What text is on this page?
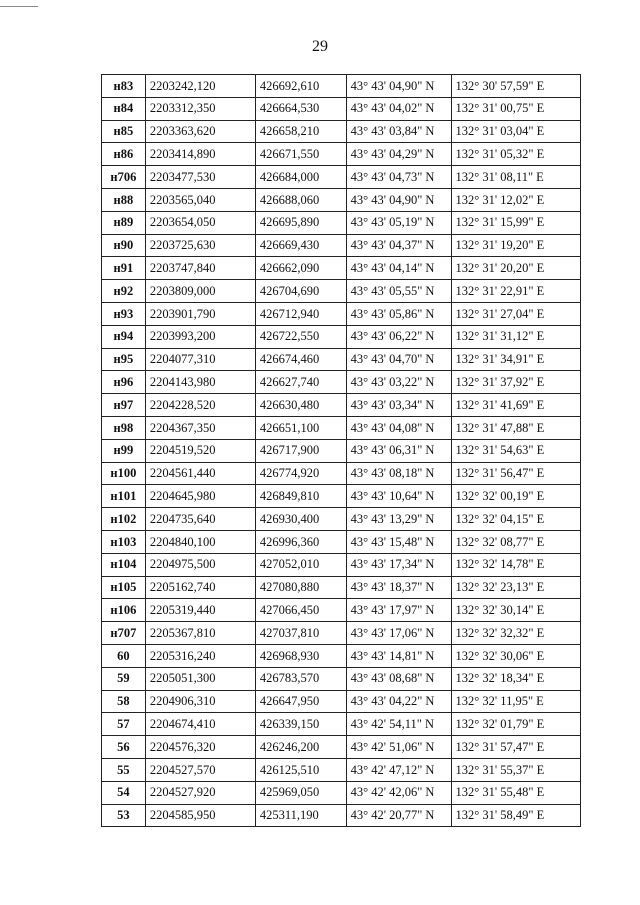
29
н83	2203242,120	426692,610	43° 43' 04,90" N	132° 30' 57,59" E
н84	2203312,350	426664,530	43° 43' 04,02" N	132° 31' 00,75" E
н85	2203363,620	426658,210	43° 43' 03,84" N	132° 31' 03,04" E
н86	2203414,890	426671,550	43° 43' 04,29" N	132° 31' 05,32" E
н706	2203477,530	426684,000	43° 43' 04,73" N	132° 31' 08,11" E
н88	2203565,040	426688,060	43° 43' 04,90" N	132° 31' 12,02" E
н89	2203654,050	426695,890	43° 43' 05,19" N	132° 31' 15,99" E
н90	2203725,630	426669,430	43° 43' 04,37" N	132° 31' 19,20" E
н91	2203747,840	426662,090	43° 43' 04,14" N	132° 31' 20,20" E
н92	2203809,000	426704,690	43° 43' 05,55" N	132° 31' 22,91" E
н93	2203901,790	426712,940	43° 43' 05,86" N	132° 31' 27,04" E
н94	2203993,200	426722,550	43° 43' 06,22" N	132° 31' 31,12" E
н95	2204077,310	426674,460	43° 43' 04,70" N	132° 31' 34,91" E
н96	2204143,980	426627,740	43° 43' 03,22" N	132° 31' 37,92" E
н97	2204228,520	426630,480	43° 43' 03,34" N	132° 31' 41,69" E
н98	2204367,350	426651,100	43° 43' 04,08" N	132° 31' 47,88" E
н99	2204519,520	426717,900	43° 43' 06,31" N	132° 31' 54,63" E
н100	2204561,440	426774,920	43° 43' 08,18" N	132° 31' 56,47" E
н101	2204645,980	426849,810	43° 43' 10,64" N	132° 32' 00,19" E
н102	2204735,640	426930,400	43° 43' 13,29" N	132° 32' 04,15" E
н103	2204840,100	426996,360	43° 43' 15,48" N	132° 32' 08,77" E
н104	2204975,500	427052,010	43° 43' 17,34" N	132° 32' 14,78" E
н105	2205162,740	427080,880	43° 43' 18,37" N	132° 32' 23,13" E
н106	2205319,440	427066,450	43° 43' 17,97" N	132° 32' 30,14" E
н707	2205367,810	427037,810	43° 43' 17,06" N	132° 32' 32,32" E
60	2205316,240	426968,930	43° 43' 14,81" N	132° 32' 30,06" E
59	2205051,300	426783,570	43° 43' 08,68" N	132° 32' 18,34" E
58	2204906,310	426647,950	43° 43' 04,22" N	132° 32' 11,95" E
57	2204674,410	426339,150	43° 42' 54,11" N	132° 32' 01,79" E
56	2204576,320	426246,200	43° 42' 51,06" N	132° 31' 57,47" E
55	2204527,570	426125,510	43° 42' 47,12" N	132° 31' 55,37" E
54	2204527,920	425969,050	43° 42' 42,06" N	132° 31' 55,48" E
53	2204585,950	425311,190	43° 42' 20,77" N	132° 31' 58,49" E
